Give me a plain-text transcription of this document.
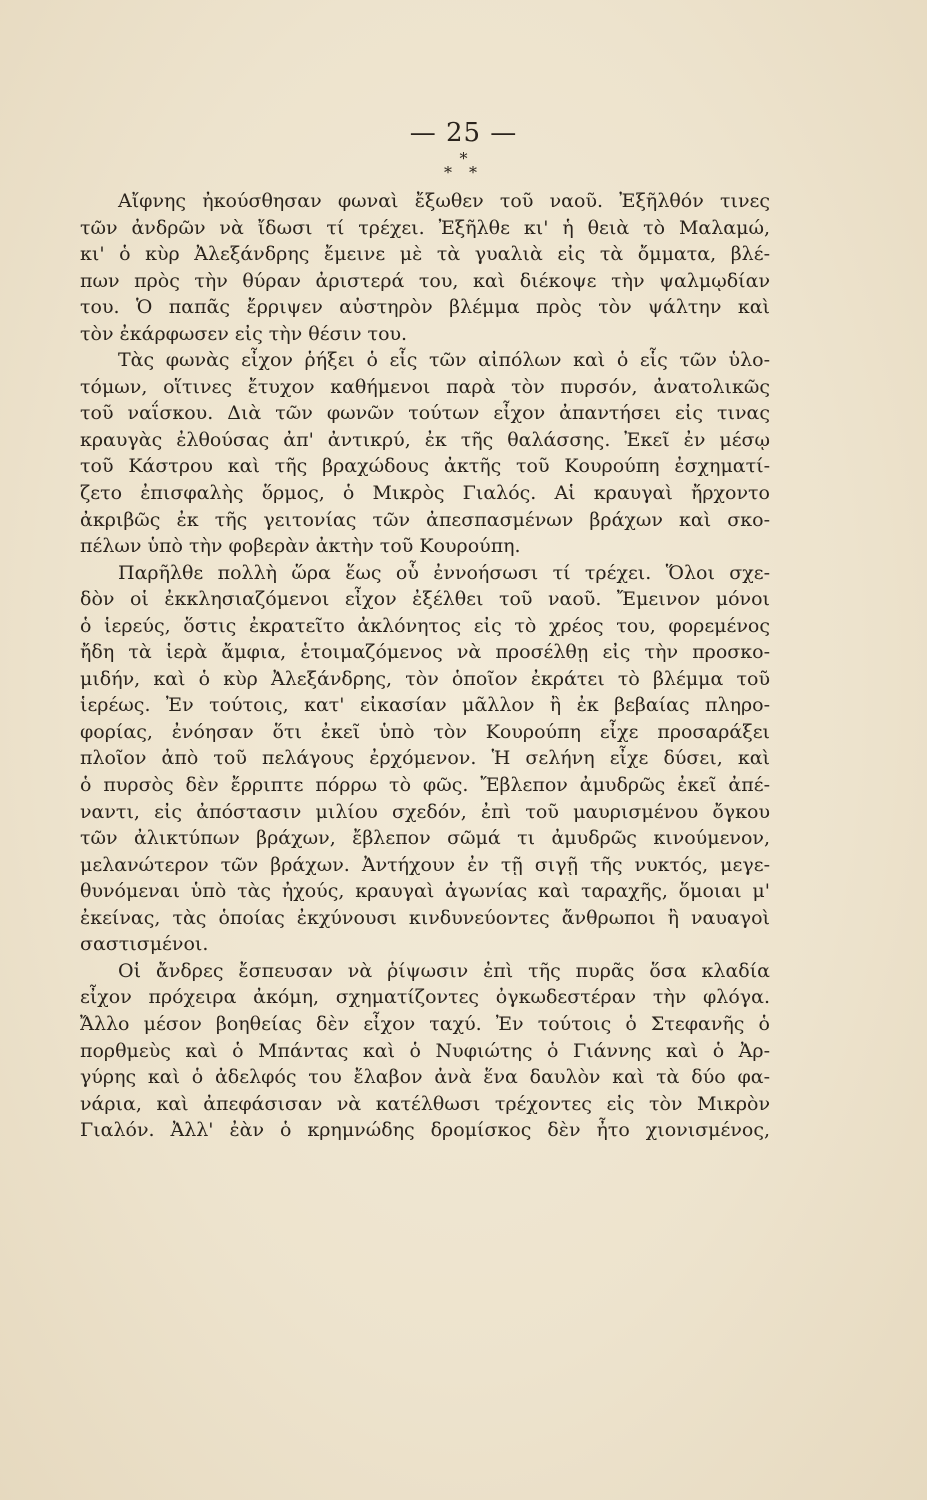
— 25 —
*
* *
Αἴφνης ἠκούσθησαν φωναὶ ἔξωθεν τοῦ ναοῦ. Ἐξῆλθόν τινες
τῶν ἀνδρῶν νὰ ἴδωσι τί τρέχει. Ἐξῆλθε κι' ἡ θειὰ τὸ Μαλαμώ,
κι' ὁ κὺρ Ἀλεξάνδρης ἔμεινε μὲ τὰ γυαλιὰ εἰς τὰ ὄμματα, βλέ-
πων πρὸς τὴν θύραν ἀριστερά του, καὶ διέκοψε τὴν ψαλμῳδίαν
του. Ὁ παπᾶς ἔρριψεν αὐστηρὸν βλέμμα πρὸς τὸν ψάλτην καὶ
τὸν ἐκάρφωσεν εἰς τὴν θέσιν του.
Τὰς φωνὰς εἶχον ῥήξει ὁ εἷς τῶν αἰπόλων καὶ ὁ εἷς τῶν ὑλο-
τόμων, οἵτινες ἔτυχον καθήμενοι παρὰ τὸν πυρσόν, ἀνατολικῶς
τοῦ ναΐσκου. Διὰ τῶν φωνῶν τούτων εἶχον ἀπαντήσει εἰς τινας
κραυγὰς ἐλθούσας ἀπ' ἀντικρύ, ἐκ τῆς θαλάσσης. Ἐκεῖ ἐν μέσῳ
τοῦ Κάστρου καὶ τῆς βραχώδους ἀκτῆς τοῦ Κουρούπη ἐσχηματί-
ζετο ἐπισφαλὴς ὅρμος, ὁ Μικρὸς Γιαλός. Αἱ κραυγαὶ ἤρχοντο
ἀκριβῶς ἐκ τῆς γειτονίας τῶν ἀπεσπασμένων βράχων καὶ σκο-
πέλων ὑπὸ τὴν φοβερὰν ἀκτὴν τοῦ Κουρούπη.
Παρῆλθε πολλὴ ὥρα ἕως οὗ ἐννοήσωσι τί τρέχει. Ὅλοι σχε-
δὸν οἱ ἐκκλησιαζόμενοι εἶχον ἐξέλθει τοῦ ναοῦ. Ἔμεινον μόνοι
ὁ ἱερεύς, ὅστις ἐκρατεῖτο ἀκλόνητος εἰς τὸ χρέος του, φορεμένος
ἤδη τὰ ἱερὰ ἄμφια, ἑτοιμαζόμενος νὰ προσέλθῃ εἰς τὴν προσκο-
μιδήν, καὶ ὁ κὺρ Ἀλεξάνδρης, τὸν ὁποῖον ἐκράτει τὸ βλέμμα τοῦ
ἱερέως. Ἐν τούτοις, κατ' εἰκασίαν μᾶλλον ἢ ἐκ βεβαίας πληρο-
φορίας, ἐνόησαν ὅτι ἐκεῖ ὑπὸ τὸν Κουρούπη εἶχε προσαράξει
πλοῖον ἀπὸ τοῦ πελάγους ἐρχόμενον. Ἡ σελήνη εἶχε δύσει, καὶ
ὁ πυρσὸς δὲν ἔρριπτε πόρρω τὸ φῶς. Ἔβλεπον ἀμυδρῶς ἐκεῖ ἀπέ-
ναντι, εἰς ἀπόστασιν μιλίου σχεδόν, ἐπὶ τοῦ μαυρισμένου ὄγκου
τῶν ἀλικτύπων βράχων, ἔβλεπον σῶμά τι ἀμυδρῶς κινούμενον,
μελανώτερον τῶν βράχων. Ἀντήχουν ἐν τῇ σιγῇ τῆς νυκτός, μεγε-
θυνόμεναι ὑπὸ τὰς ἠχούς, κραυγαὶ ἀγωνίας καὶ ταραχῆς, ὅμοιαι μ'
ἐκείνας, τὰς ὁποίας ἐκχύνουσι κινδυνεύοντες ἄνθρωποι ἢ ναυαγοὶ
σαστισμένοι.
Οἱ ἄνδρες ἔσπευσαν νὰ ῥίψωσιν ἐπὶ τῆς πυρᾶς ὅσα κλαδία
εἶχον πρόχειρα ἀκόμη, σχηματίζοντες ὀγκωδεστέραν τὴν φλόγα.
Ἄλλο μέσον βοηθείας δὲν εἶχον ταχύ. Ἐν τούτοις ὁ Στεφανῆς ὁ
πορθμεὺς καὶ ὁ Μπάντας καὶ ὁ Νυφιώτης ὁ Γιάννης καὶ ὁ Ἀρ-
γύρης καὶ ὁ ἀδελφός του ἔλαβον ἀνὰ ἕνα δαυλὸν καὶ τὰ δύο φα-
νάρια, καὶ ἀπεφάσισαν νὰ κατέλθωσι τρέχοντες εἰς τὸν Μικρὸν
Γιαλόν. Ἀλλ' ἐὰν ὁ κρημνώδης δρομίσκος δὲν ἦτο χιονισμένος,
